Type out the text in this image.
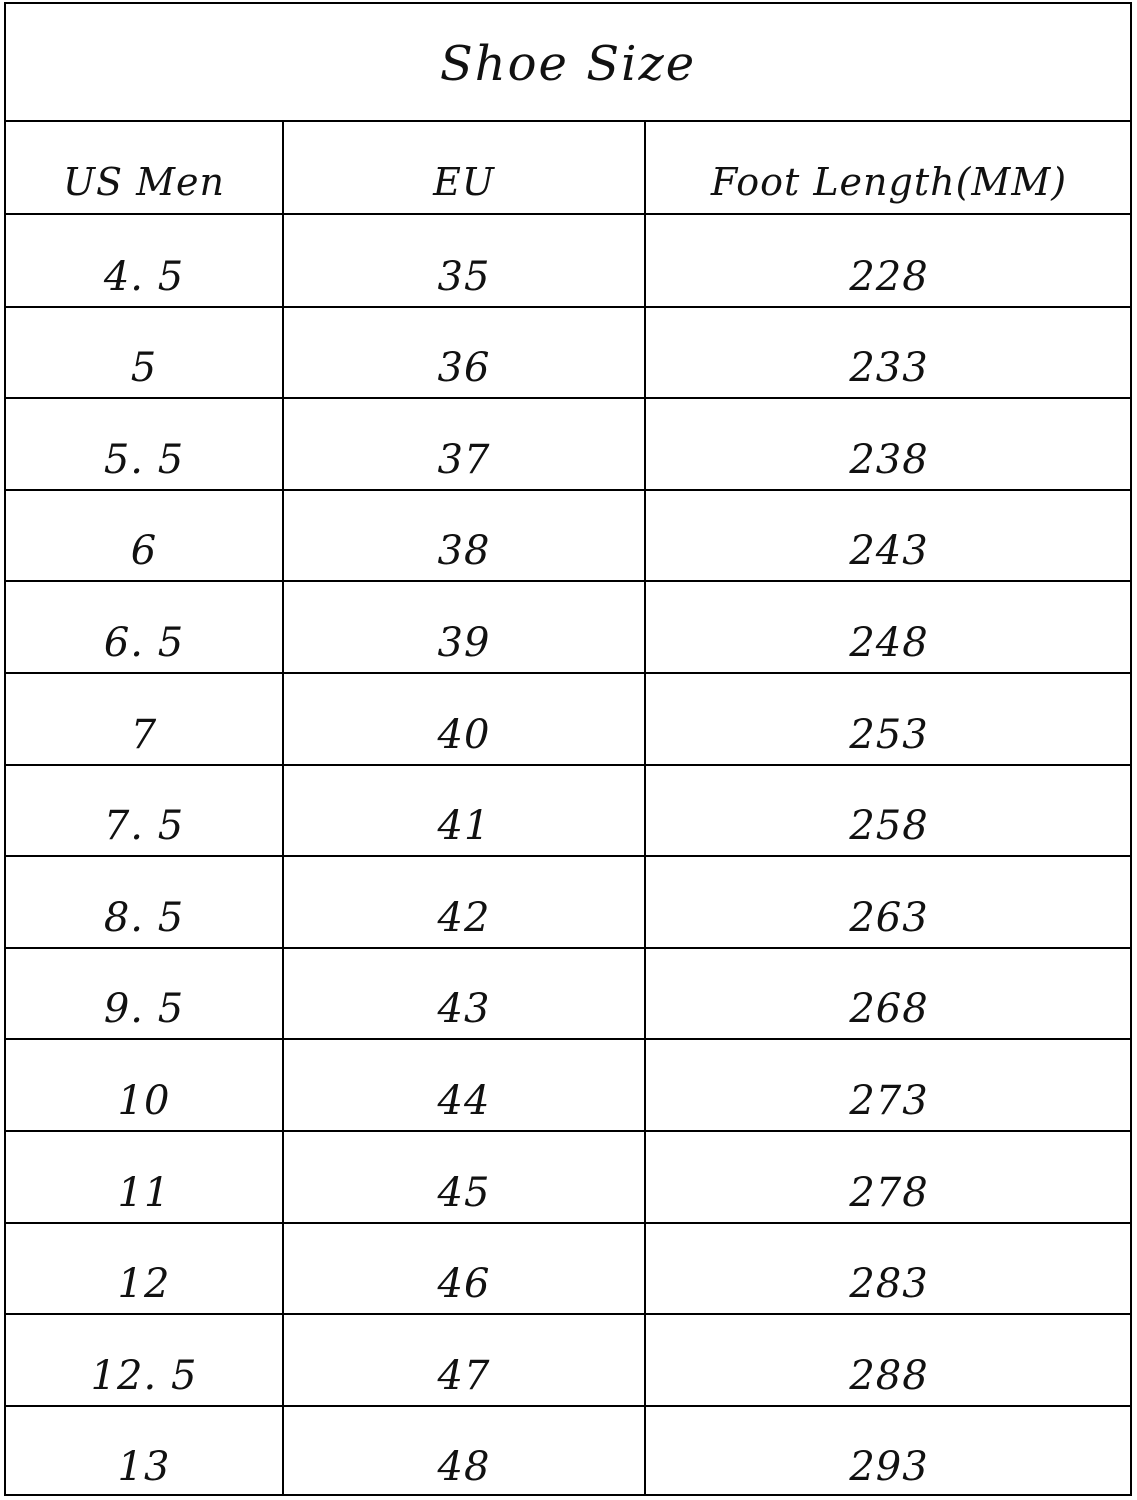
Shoe Size
US Men	EU	Foot Length(MM)
4. 5	35	228
5	36	233
5. 5	37	238
6	38	243
6. 5	39	248
7	40	253
7. 5	41	258
8. 5	42	263
9. 5	43	268
10	44	273
11	45	278
12	46	283
12. 5	47	288
13	48	293
